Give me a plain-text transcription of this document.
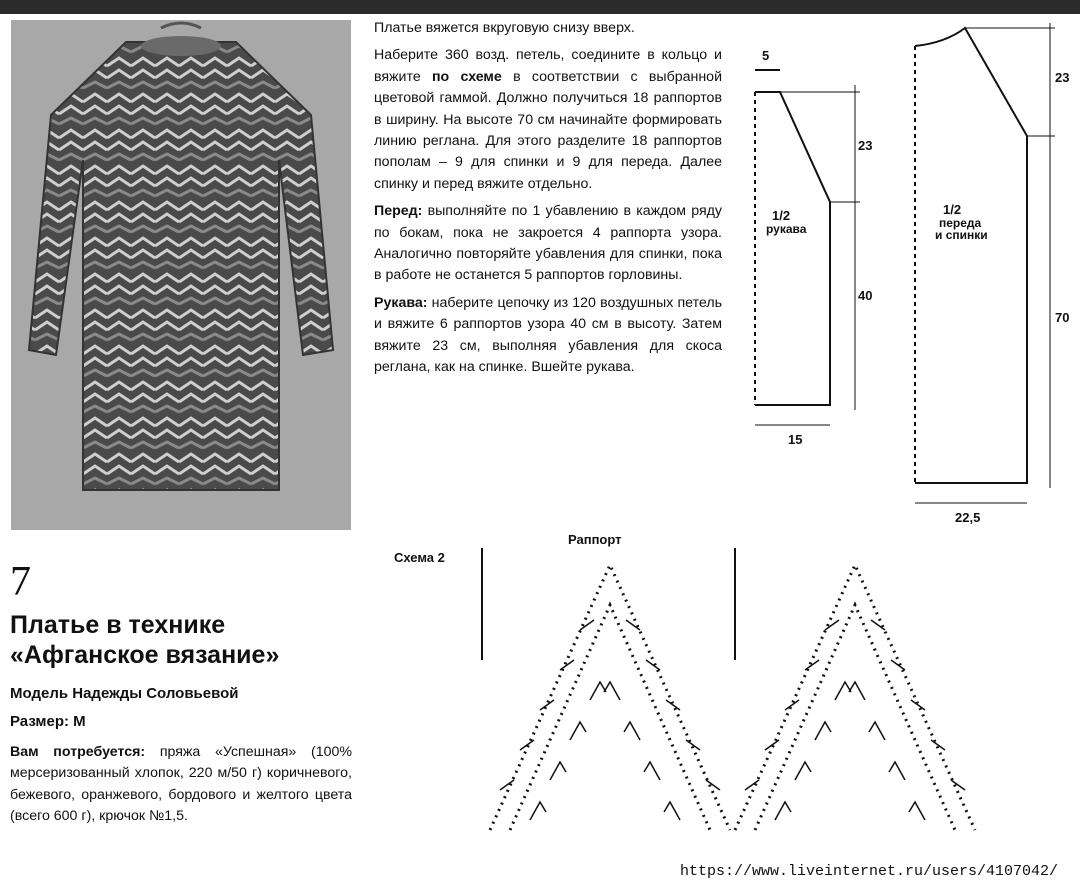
Платье вяжется вкруговую снизу вверх.

Наберите 360 возд. петель, соедините в кольцо и вяжите по схеме в соответствии с выбранной цветовой гаммой. Должно получиться 18 раппортов в ширину. На высоте 70 см начинайте формировать линию реглана. Для этого разделите 18 раппортов пополам – 9 для спинки и 9 для переда. Далее спинку и перед вяжите отдельно.

Перед: выполняйте по 1 убавлению в каждом ряду по бокам, пока не закроется 4 раппорта узора. Аналогично повторяйте убавления для спинки, пока в работе не останется 5 раппортов горловины.

Рукава: наберите цепочку из 120 воздушных петель и вяжите 6 раппортов узора 40 см в высоту. Затем вяжите 23 см, выполняя убавления для скоса реглана, как на спинке. Вшейте рукава.

5
23
40
15
1/2
рукава
23
70
22,5
1/2
переда
и спинки
7
Платье в технике
«Афганское вязание»
Модель Надежды Соловьевой
Размер: М
Вам потребуется: пряжа «Успешная» (100% мерсеризованный хлопок, 220 м/50 г) коричневого, бежевого, оранжевого, бордового и желтого цвета (всего 600 г), крючок №1,5.
Схема 2
Раппорт
https://www.liveinternet.ru/users/4107042/
